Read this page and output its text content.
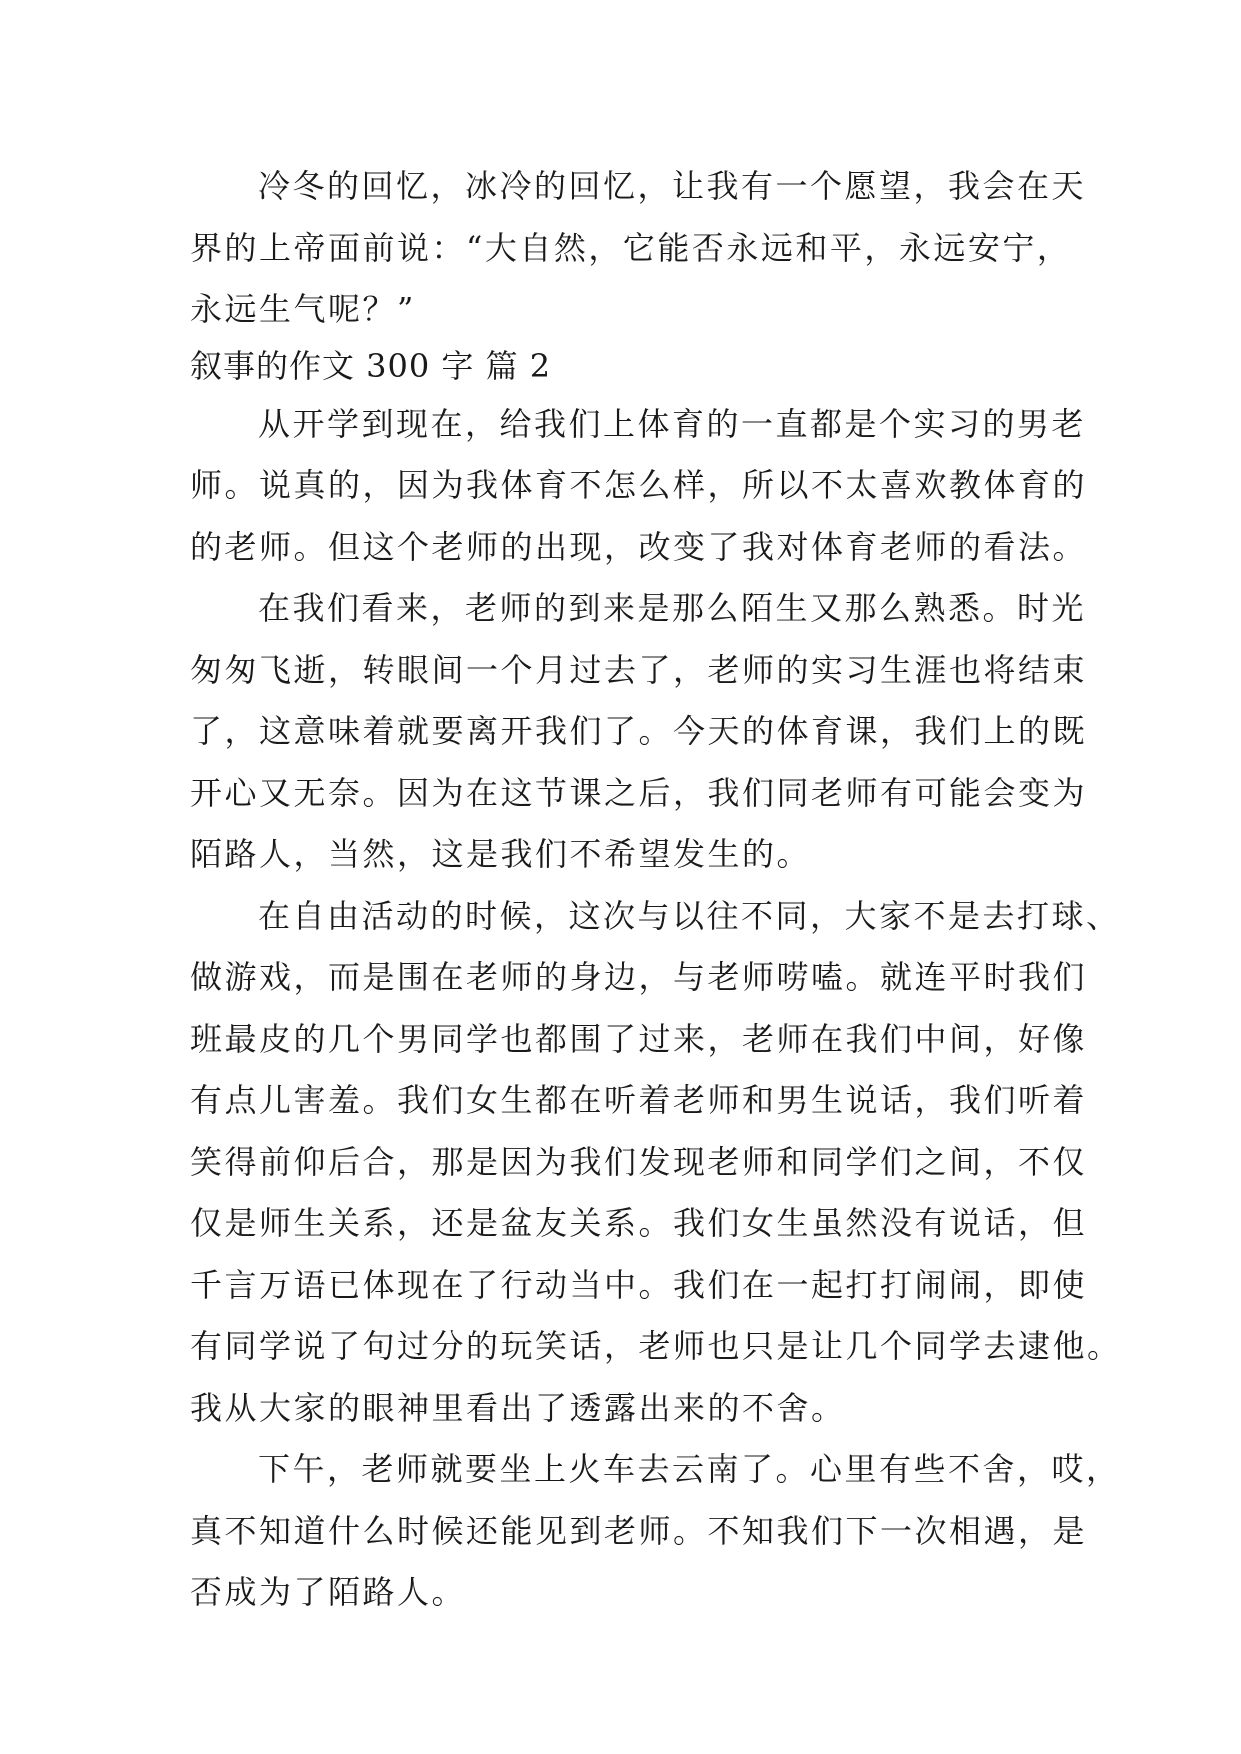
冷冬的回忆，冰冷的回忆，让我有一个愿望，我会在天
界的上帝面前说：“大自然，它能否永远和平，永远安宁，
永远生气呢？”
叙事的作文 300 字 篇 2
从开学到现在，给我们上体育的一直都是个实习的男老
师。说真的，因为我体育不怎么样，所以不太喜欢教体育的
的老师。但这个老师的出现，改变了我对体育老师的看法。
在我们看来，老师的到来是那么陌生又那么熟悉。时光
匆匆飞逝，转眼间一个月过去了，老师的实习生涯也将结束
了，这意味着就要离开我们了。今天的体育课，我们上的既
开心又无奈。因为在这节课之后，我们同老师有可能会变为
陌路人，当然，这是我们不希望发生的。
在自由活动的时候，这次与以往不同，大家不是去打球、
做游戏，而是围在老师的身边，与老师唠嗑。就连平时我们
班最皮的几个男同学也都围了过来，老师在我们中间，好像
有点儿害羞。我们女生都在听着老师和男生说话，我们听着
笑得前仰后合，那是因为我们发现老师和同学们之间，不仅
仅是师生关系，还是盆友关系。我们女生虽然没有说话，但
千言万语已体现在了行动当中。我们在一起打打闹闹，即使
有同学说了句过分的玩笑话，老师也只是让几个同学去逮他。
我从大家的眼神里看出了透露出来的不舍。
下午，老师就要坐上火车去云南了。心里有些不舍，哎，
真不知道什么时候还能见到老师。不知我们下一次相遇，是
否成为了陌路人。
